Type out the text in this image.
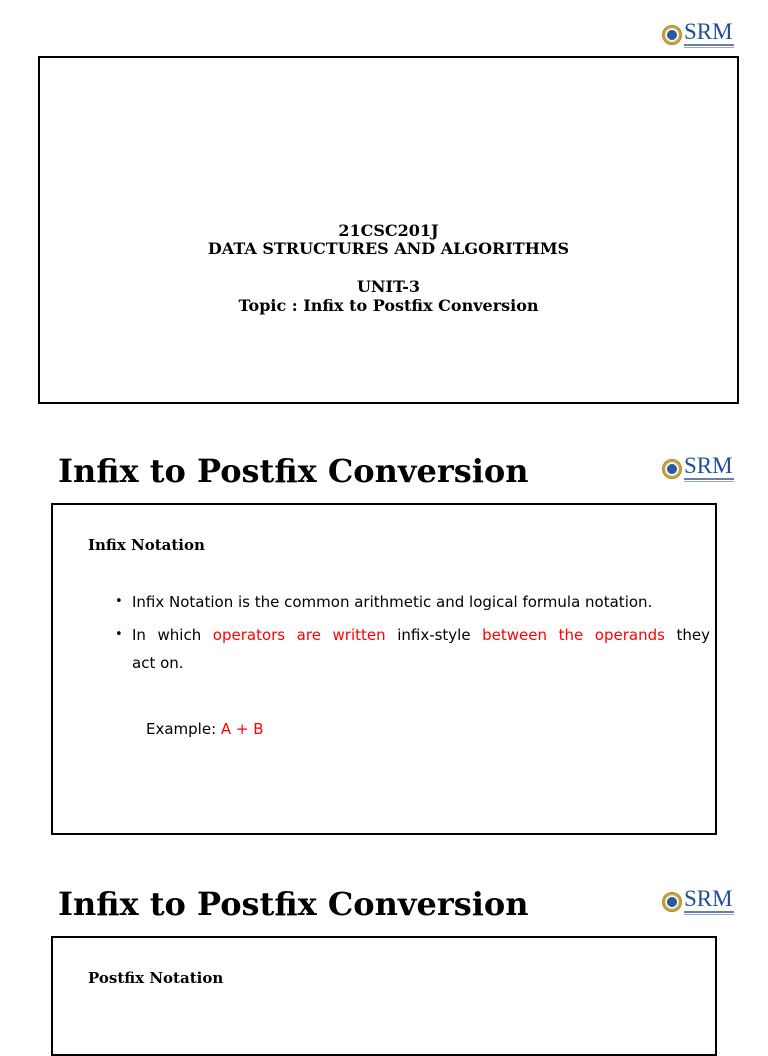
SRM
SRM
SRM
21CSC201J
DATA STRUCTURES AND ALGORITHMS
UNIT-3
Topic : Infix to Postfix Conversion
Infix to Postfix Conversion
Infix Notation
• Infix Notation is the common arithmetic and logical formula notation.
• In which operators are written infix-style between the operands they
act on.
Example: A + B
Infix to Postfix Conversion
Postfix Notation
